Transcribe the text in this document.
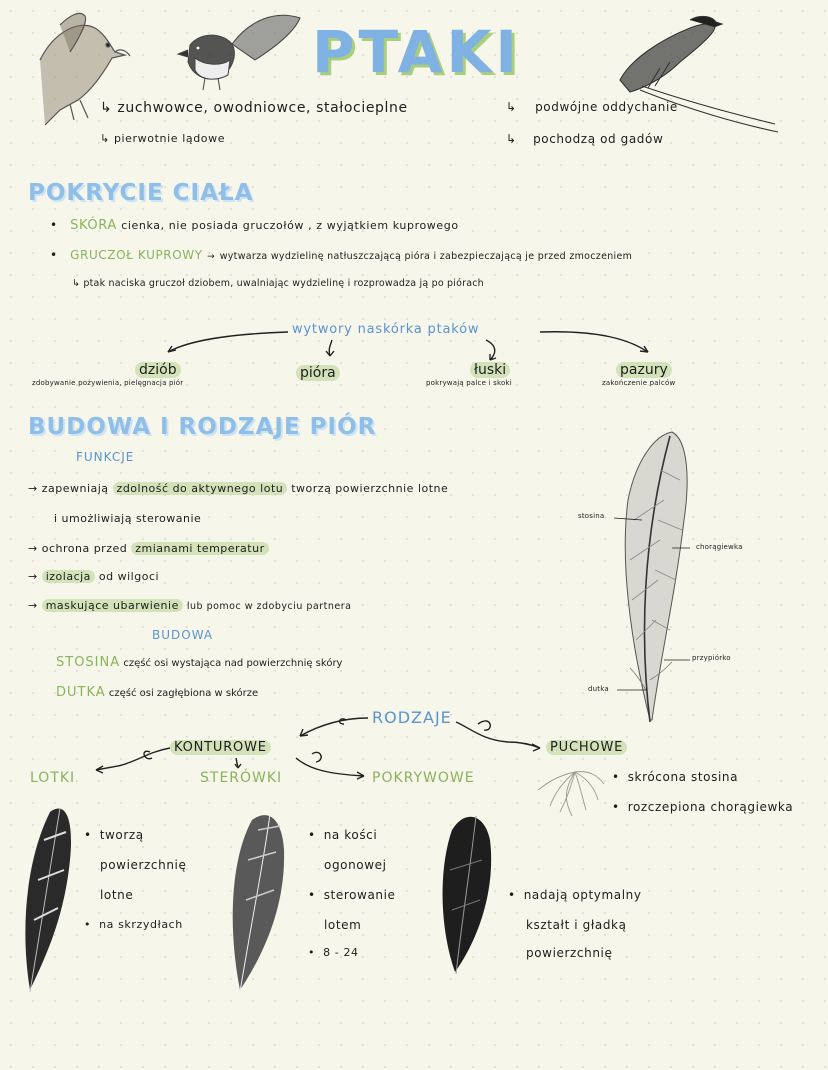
PTAKI
↳ zuchwowce, owodniowce, stałocieplne
↳ pierwotnie lądowe
↳ podwójne oddychanie
↳ pochodzą od gadów
POKRYCIE CIAŁA
• SKÓRA cienka, nie posiada gruczołów , z wyjątkiem kuprowego
• GRUCZOŁ KUPROWY → wytwarza wydzielinę natłuszczającą pióra i zabezpieczającą je przed zmoczeniem
↳ ptak naciska gruczoł dziobem, uwalniając wydzielinę i rozprowadza ją po piórach
wytwory naskórka ptaków
dziób
zdobywanie pożywienia, pielęgnacja piór
pióra	łuski
pokrywają palce i skoki
pazury
zakończenie palców
BUDOWA I RODZAJE PIÓR
FUNKCJE
→ zapewniają zdolność do aktywnego lotu tworzą powierzchnie lotne
i umożliwiają sterowanie
→ ochrona przed zmianami temperatur
→ izolacja od wilgoci
→ maskujące ubarwienie lub pomoc w zdobyciu partnera
BUDOWA
STOSINA część osi wystająca nad powierzchnię skóry
DUTKA część osi zagłębiona w skórze
stosina
chorągiewka
przypiórko
dutka
RODZAJE
KONTUROWE	PUCHOWE
LOTKI	STERÓWKI	POKRYWOWE
•	skrócona stosina
• rozczepiona chorągiewka
• tworzą
powierzchnię
lotne
• na skrzydłach
• na kości
ogonowej
• sterowanie
lotem
• 8 - 24
• nadają optymalny
kształt i gładką
powierzchnię
